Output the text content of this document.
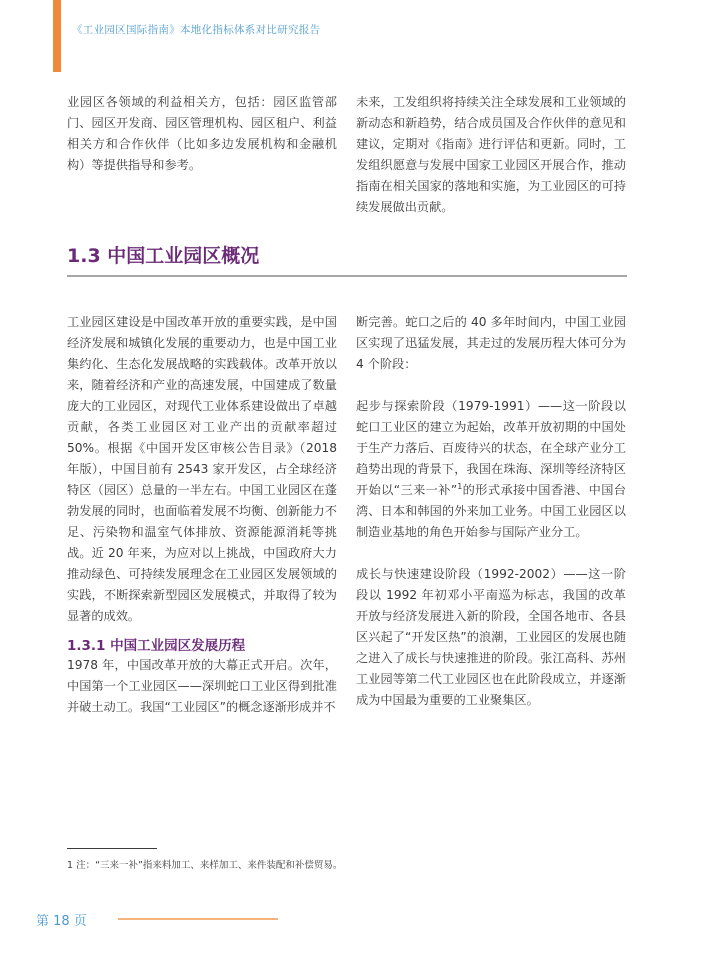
《工业园区国际指南》本地化指标体系对比研究报告

业园区各领域的利益相关方，包括：园区监管部门、园区开发商、园区管理机构、园区租户、利益相关方和合作伙伴（比如多边发展机构和金融机构）等提供指导和参考。

未来，工发组织将持续关注全球发展和工业领域的新动态和新趋势，结合成员国及合作伙伴的意见和建议，定期对《指南》进行评估和更新。同时，工发组织愿意与发展中国家工业园区开展合作，推动指南在相关国家的落地和实施，为工业园区的可持续发展做出贡献。

1.3 中国工业园区概况

工业园区建设是中国改革开放的重要实践，是中国经济发展和城镇化发展的重要动力，也是中国工业集约化、生态化发展战略的实践载体。改革开放以来，随着经济和产业的高速发展，中国建成了数量庞大的工业园区，对现代工业体系建设做出了卓越贡献，各类工业园区对工业产出的贡献率超过 50%。根据《中国开发区审核公告目录》（2018 年版），中国目前有 2543 家开发区，占全球经济特区（园区）总量的一半左右。中国工业园区在蓬勃发展的同时，也面临着发展不均衡、创新能力不足、污染物和温室气体排放、资源能源消耗等挑战。近 20 年来，为应对以上挑战，中国政府大力推动绿色、可持续发展理念在工业园区发展领域的实践，不断探索新型园区发展模式，并取得了较为显著的成效。

1.3.1 中国工业园区发展历程

1978 年，中国改革开放的大幕正式开启。次年，中国第一个工业园区——深圳蛇口工业区得到批准并破土动工。我国“工业园区”的概念逐渐形成并不

断完善。蛇口之后的 40 多年时间内，中国工业园区实现了迅猛发展，其走过的发展历程大体可分为 4 个阶段：

起步与探索阶段（1979-1991）——这一阶段以蛇口工业区的建立为起始，改革开放初期的中国处于生产力落后、百废待兴的状态，在全球产业分工趋势出现的背景下，我国在珠海、深圳等经济特区开始以“三来一补”$^1$的形式承接中国香港、中国台湾、日本和韩国的外来加工业务。中国工业园区以制造业基地的角色开始参与国际产业分工。

成长与快速建设阶段（1992-2002）——这一阶段以 1992 年初邓小平南巡为标志，我国的改革开放与经济发展进入新的阶段，全国各地市、各县区兴起了“开发区热”的浪潮，工业园区的发展也随之进入了成长与快速推进的阶段。张江高科、苏州工业园等第二代工业园区也在此阶段成立，并逐渐成为中国最为重要的工业聚集区。

1 注：“三来一补”指来料加工、来样加工、来件装配和补偿贸易。
第 18 页
